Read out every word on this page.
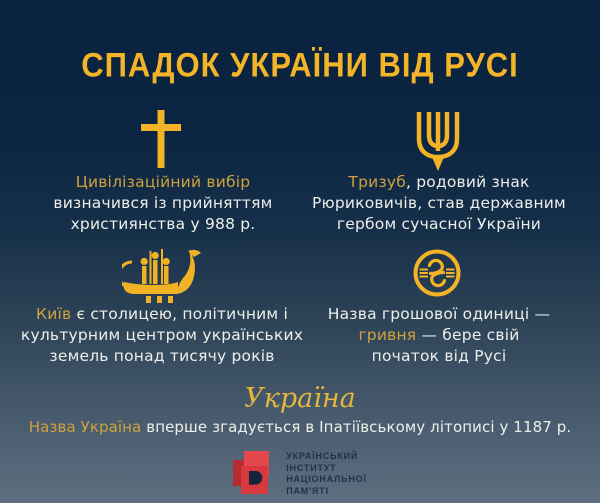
СПАДОК УКРАЇНИ ВІД РУСІ

Цивілізаційний вибір
визначився із прийняттям
християнства у 988 р.

Тризуб, родовий знак
Рюриковичів, став державним
гербом сучасної України

Київ є столицею, політичним і
культурним центром українських
земель понад тисячу років

Назва грошової одиниці —
гривня — бере свій
початок від Русі

Україна

Назва Україна вперше згадується в Іпатіївському літописі у 1187 р.

УКРАЇНСЬКИЙ
ІНСТИТУТ
НАЦІОНАЛЬНОЇ
ПАМ'ЯТІ
